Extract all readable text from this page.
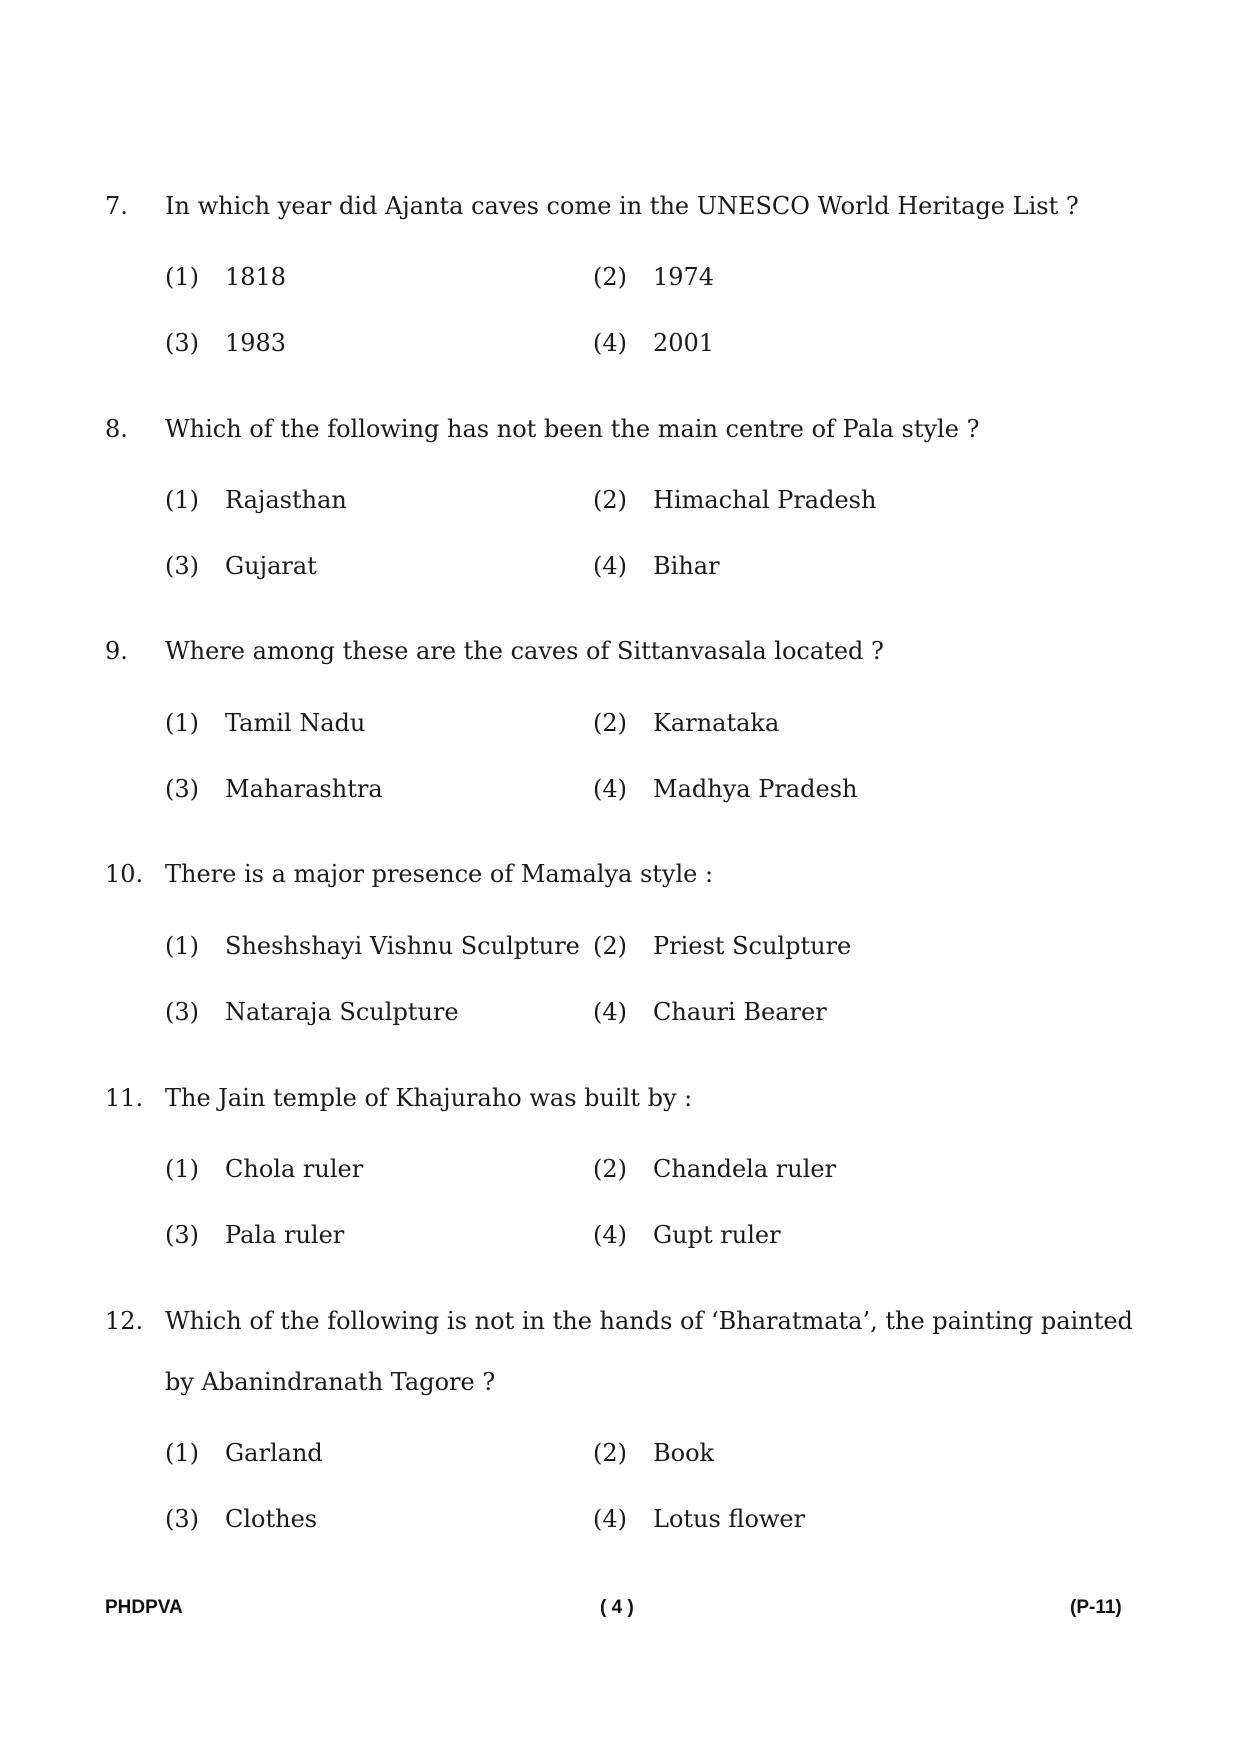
7. In which year did Ajanta caves come in the UNESCO World Heritage List ?
(1) 1818	(2) 1974
(3) 1983	(4) 2001
8. Which of the following has not been the main centre of Pala style ?
(1) Rajasthan	(2) Himachal Pradesh
(3) Gujarat	(4) Bihar
9. Where among these are the caves of Sittanvasala located ?
(1) Tamil Nadu	(2) Karnataka
(3) Maharashtra	(4) Madhya Pradesh
10. There is a major presence of Mamalya style :
(1) Sheshshayi Vishnu Sculpture (2) Priest Sculpture
(3) Nataraja Sculpture	(4) Chauri Bearer
11. The Jain temple of Khajuraho was built by :
(1) Chola ruler	(2) Chandela ruler
(3) Pala ruler	(4) Gupt ruler
12. Which of the following is not in the hands of ‘Bharatmata’, the painting painted by Abanindranath Tagore ?
(1) Garland	(2) Book
(3) Clothes	(4) Lotus flower
PHDPVA	( 4 )	(P-11)
